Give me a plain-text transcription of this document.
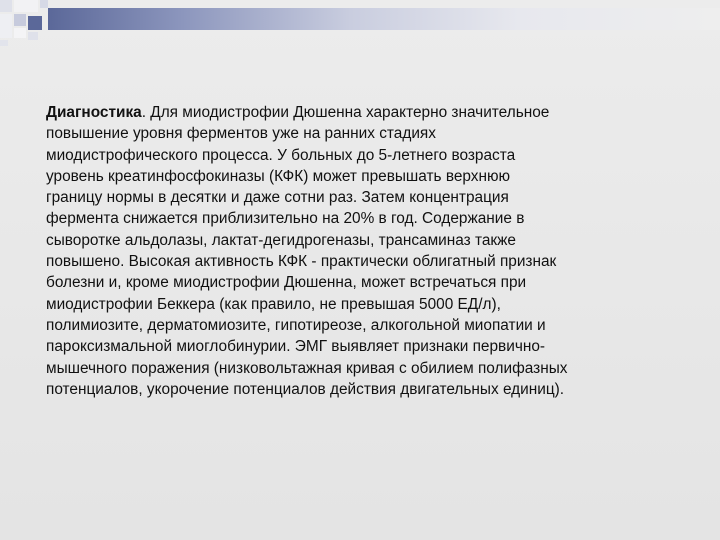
Диагностика. Для миодистрофии Дюшенна характерно значительное
повышение уровня ферментов уже на ранних стадиях
миодистрофического процесса. У больных до 5-летнего возраста
уровень креатинфосфокиназы (КФК) может превышать верхнюю
границу нормы в десятки и даже сотни раз. Затем концентрация
фермента снижается приблизительно на 20% в год. Содержание в
сыворотке альдолазы, лактат-дегидрогеназы, трансаминаз также
повышено. Высокая активность КФК - практически облигатный признак
болезни и, кроме миодистрофии Дюшенна, может встречаться при
миодистрофии Беккера (как правило, не превышая 5000 ЕД/л),
полимиозите, дерматомиозите, гипотиреозе, алкогольной миопатии и
пароксизмальной миоглобинурии. ЭМГ выявляет признаки первично-
мышечного поражения (низковольтажная кривая с обилием полифазных
потенциалов, укорочение потенциалов действия двигательных единиц).
